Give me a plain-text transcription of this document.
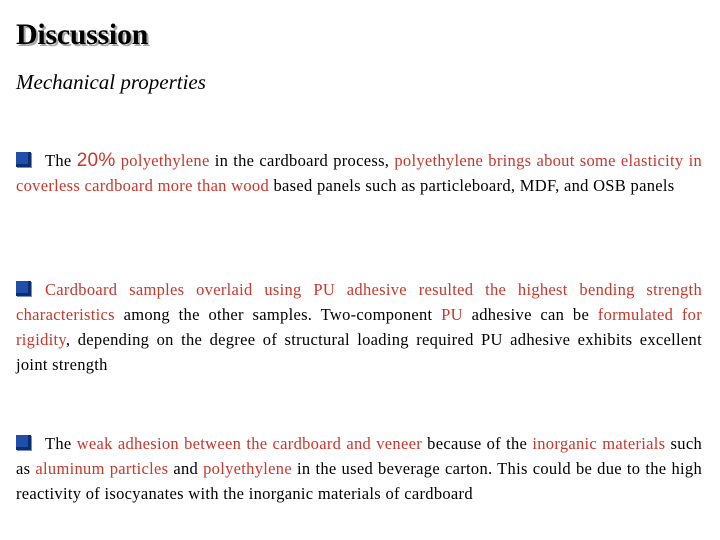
Discussion
Mechanical properties
The 20% polyethylene in the cardboard process, polyethylene brings about some elasticity in coverless cardboard more than wood based panels such as particleboard, MDF, and OSB panels
Cardboard samples overlaid using PU adhesive resulted the highest bending strength characteristics among the other samples. Two-component PU adhesive can be formulated for rigidity, depending on the degree of structural loading required PU adhesive exhibits excellent joint strength
The weak adhesion between the cardboard and veneer because of the inorganic materials such as aluminum particles and polyethylene in the used beverage carton. This could be due to the high reactivity of isocyanates with the inorganic materials of cardboard
